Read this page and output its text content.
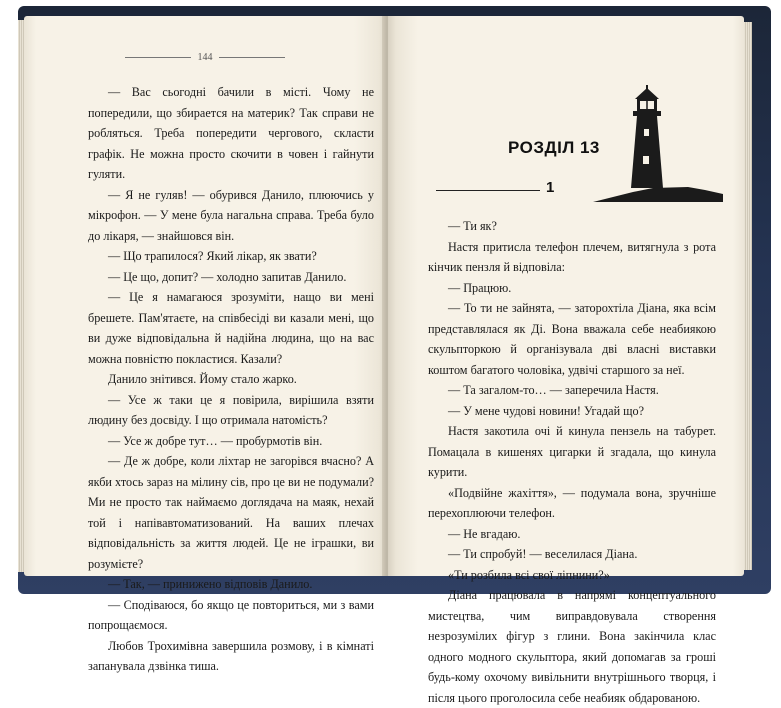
144

— Вас сьогодні бачили в місті. Чому не попередили, що збирается на материк? Так справи не робляться. Треба попередити чергового, скласти графік. Не можна просто скочити в човен і гайнути гуляти.

— Я не гуляв! — обурився Данило, плюючись у мікрофон. — У мене була нагальна справа. Треба було до лікаря, — знайшовся він.

— Що трапилося? Який лікар, як звати?

— Це що, допит? — холодно запитав Данило.

— Це я намагаюся зрозуміти, нащо ви мені брешете. Пам'ятаєте, на співбесіді ви казали мені, що ви дуже відповідальна й надійна людина, що на вас можна повністю покластися. Казали?

Данило знітився. Йому стало жарко.

— Усе ж таки це я повірила, вирішила взяти людину без досвіду. І що отримала натомість?

— Усе ж добре тут… — пробурмотів він.

— Де ж добре, коли ліхтар не загорівся вчасно? А якби хтось зараз на мілину сів, про це ви не подумали? Ми не просто так наймаємо доглядача на маяк, нехай той і напівавтоматизований. На ваших плечах відповідальність за життя людей. Це не іграшки, ви розумієте?

— Так, — принижено відповів Данило.

— Сподіваюся, бо якщо це повториться, ми з вами попрощаємося.

Любов Трохимівна завершила розмову, і в кімнаті запанувала дзвінка тиша.

РОЗДІЛ 13
1

— Ти як?

Настя притисла телефон плечем, витягнула з рота кінчик пензля й відповіла:

— Працюю.

— То ти не зайнята, — заторохтіла Діана, яка всім представлялася як Ді. Вона вважала себе неабиякою скульпторкою й організувала дві власні виставки коштом багатого чоловіка, удвічі старшого за неї.

— Та загалом-то… — заперечила Настя.

— У мене чудові новини! Угадай що?

Настя закотила очі й кинула пензель на табурет. Помацала в кишенях цигарки й згадала, що кинула курити.

«Подвійне жахіття», — подумала вона, зручніше перехоплюючи телефон.

— Не вгадаю.

— Ти спробуй! — веселилася Діана.

«Ти розбила всі свої ліпнини?»

Діана працювала в напрямі концептуального мистецтва, чим виправдовувала створення незрозумілих фігур з глини. Вона закінчила клас одного модного скульптора, який допомагав за гроші будь-кому охочому вивільнити внутрішнього творця, і після цього проголосила себе неабияк обдарованою.
